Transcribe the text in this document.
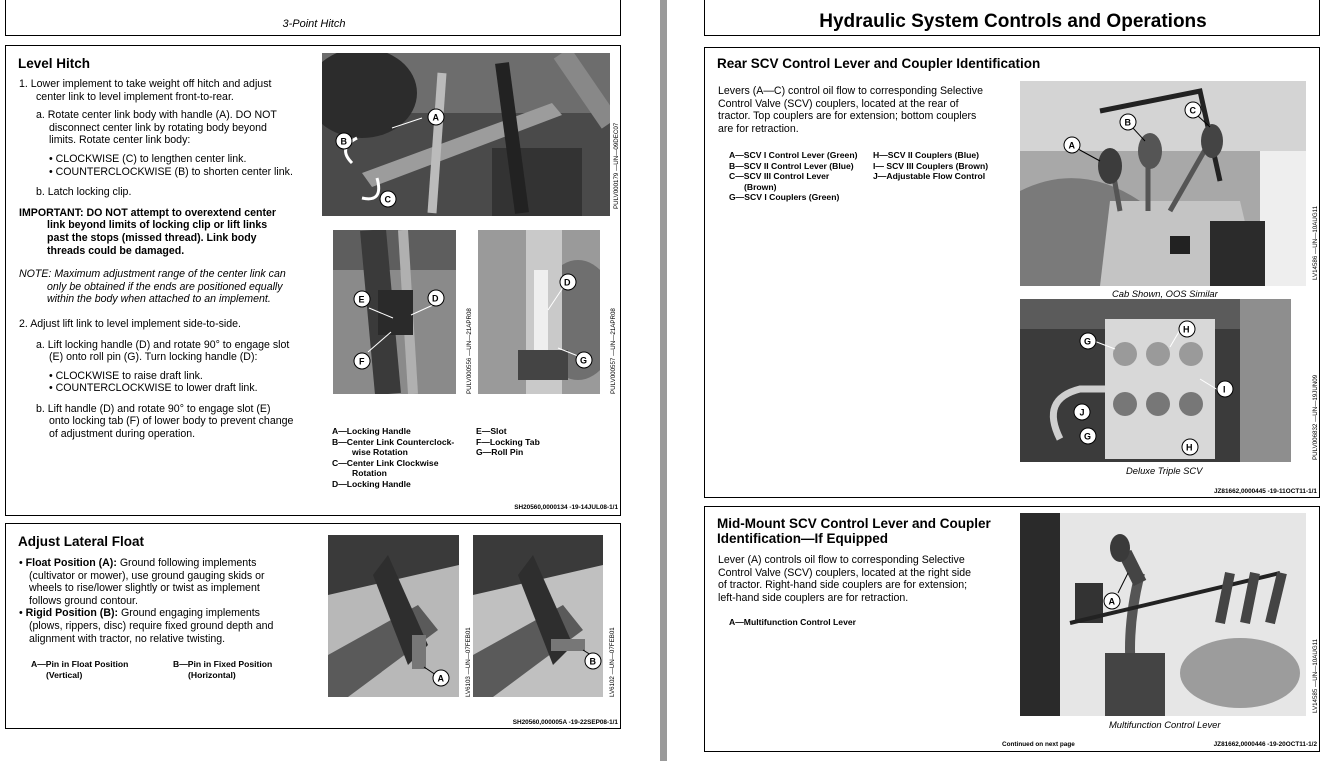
3-Point Hitch
Level Hitch
1. Lower implement to take weight off hitch and adjust
center link to level implement front-to-rear.
a. Rotate center link body with handle (A). DO NOT
disconnect center link by rotating body beyond
limits. Rotate center link body:
• CLOCKWISE (C) to lengthen center link.
• COUNTERCLOCKWISE (B) to shorten center link.
b. Latch locking clip.
IMPORTANT: DO NOT attempt to overextend center
link beyond limits of locking clip or lift links
past the stops (missed thread). Link body
threads could be damaged.
NOTE: Maximum adjustment range of the center link can
only be obtained if the ends are positioned equally
within the body when attached to an implement.
2. Adjust lift link to level implement side-to-side.
a. Lift locking handle (D) and rotate 90° to engage slot
(E) onto roll pin (G). Turn locking handle (D):
• CLOCKWISE to raise draft link.
• COUNTERCLOCKWISE to lower draft link.
b. Lift handle (D) and rotate 90° to engage slot (E)
onto locking tab (F) of lower body to prevent change
of adjustment during operation.
A
B
C	PULV000179 —UN—09DEC07
E	D
F	PULV000556 —UN—21APR08
D
G	PULV000557 —UN—21APR08
A—Locking Handle
B—Center Link Counterclock-
wise Rotation
C—Center Link Clockwise
Rotation
D—Locking Handle
E—Slot
F—Locking Tab
G—Roll Pin
SH20560,0000134 -19-14JUL08-1/1
Adjust Lateral Float
• Float Position (A): Ground following implements
(cultivator or mower), use ground gauging skids or
wheels to rise/lower slightly or twist as implement
follows ground contour.
• Rigid Position (B): Ground engaging implements
(plows, rippers, disc) require fixed ground depth and
alignment with tractor, no relative twisting.
A—Pin in Float Position
(Vertical)
B—Pin in Fixed Position
(Horizontal)	A	LV6103 —UN—07FEB01	B LV6102 —UN—07FEB01
SH20560,000005A -19-22SEP08-1/1
Hydraulic System Controls and Operations
Rear SCV Control Lever and Coupler Identification
Levers (A—C) control oil flow to corresponding Selective
Control Valve (SCV) couplers, located at the rear of
tractor. Top couplers are for extension; bottom couplers
are for retraction.
A—SCV I Control Lever (Green)
B—SCV II Control Lever (Blue)
C—SCV III Control Lever
(Brown)
G—SCV I Couplers (Green)
H—SCV II Couplers (Blue)
I— SCV III Couplers (Brown)
J—Adjustable Flow Control
A
B
C
Cab Shown, OOS Similar
LV14586 —UN—10AUG11
G
H
I
J
G
H
Deluxe Triple SCV
PULV006832 —UN—19JUN09
JZ81662,0000445 -19-11OCT11-1/1
Mid-Mount SCV Control Lever and Coupler
Identification—If Equipped
Lever (A) controls oil flow to corresponding Selective
Control Valve (SCV) couplers, located at the right side
of tractor. Right-hand side couplers are for extension;
left-hand side couplers are for retraction.
A—Multifunction Control Lever
A
Multifunction Control Lever
LV14585 —UN—10AUG11
Continued on next page	JZ81662,0000446 -19-20OCT11-1/2
